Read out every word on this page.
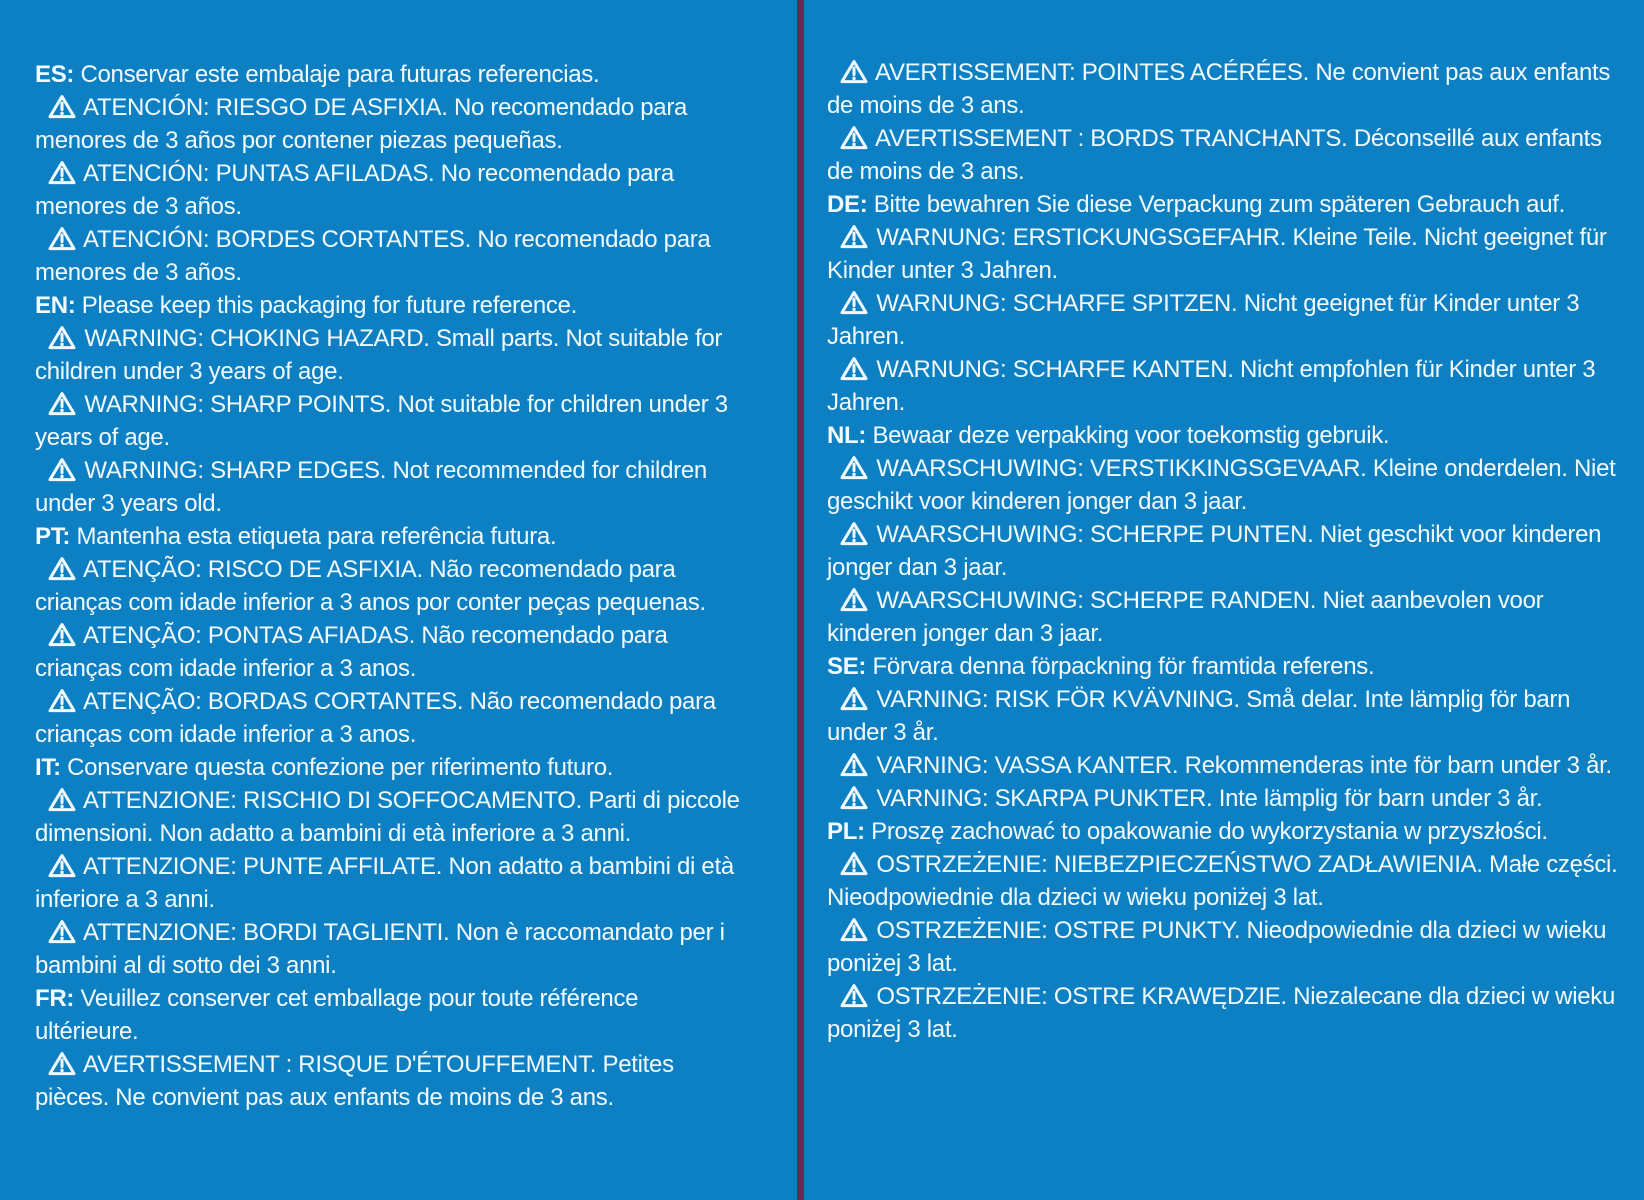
ES: Conservar este embalaje para futuras referencias.

ATENCIÓN: RIESGO DE ASFIXIA. No recomendado para menores de 3 años por contener piezas pequeñas.

ATENCIÓN: PUNTAS AFILADAS. No recomendado para menores de 3 años.

ATENCIÓN: BORDES CORTANTES. No recomendado para menores de 3 años.

EN: Please keep this packaging for future reference.

WARNING: CHOKING HAZARD. Small parts. Not suitable for children under 3 years of age.

WARNING: SHARP POINTS. Not suitable for children under 3 years of age.

WARNING: SHARP EDGES. Not recommended for children under 3 years old.

PT: Mantenha esta etiqueta para referência futura.

ATENÇÃO: RISCO DE ASFIXIA. Não recomendado para crianças com idade inferior a 3 anos por conter peças pequenas.

ATENÇÃO: PONTAS AFIADAS. Não recomendado para crianças com idade inferior a 3 anos.

ATENÇÃO: BORDAS CORTANTES. Não recomendado para crianças com idade inferior a 3 anos.

IT: Conservare questa confezione per riferimento futuro.

ATTENZIONE: RISCHIO DI SOFFOCAMENTO. Parti di piccole dimensioni. Non adatto a bambini di età inferiore a 3 anni.

ATTENZIONE: PUNTE AFFILATE. Non adatto a bambini di età inferiore a 3 anni.

ATTENZIONE: BORDI TAGLIENTI. Non è raccomandato per i bambini al di sotto dei 3 anni.

FR: Veuillez conserver cet emballage pour toute référence ultérieure.

AVERTISSEMENT : RISQUE D'ÉTOUFFEMENT. Petites pièces. Ne convient pas aux enfants de moins de 3 ans.

AVERTISSEMENT: POINTES ACÉRÉES. Ne convient pas aux enfants de moins de 3 ans.

AVERTISSEMENT : BORDS TRANCHANTS. Déconseillé aux enfants de moins de 3 ans.

DE: Bitte bewahren Sie diese Verpackung zum späteren Gebrauch auf.

WARNUNG: ERSTICKUNGSGEFAHR. Kleine Teile. Nicht geeignet für Kinder unter 3 Jahren.

WARNUNG: SCHARFE SPITZEN. Nicht geeignet für Kinder unter 3 Jahren.

WARNUNG: SCHARFE KANTEN. Nicht empfohlen für Kinder unter 3 Jahren.

NL: Bewaar deze verpakking voor toekomstig gebruik.

WAARSCHUWING: VERSTIKKINGSGEVAAR. Kleine onderdelen. Niet geschikt voor kinderen jonger dan 3 jaar.

WAARSCHUWING: SCHERPE PUNTEN. Niet geschikt voor kinderen jonger dan 3 jaar.

WAARSCHUWING: SCHERPE RANDEN. Niet aanbevolen voor kinderen jonger dan 3 jaar.

SE: Förvara denna förpackning för framtida referens.

VARNING: RISK FÖR KVÄVNING. Små delar. Inte lämplig för barn under 3 år.

VARNING: VASSA KANTER. Rekommenderas inte för barn under 3 år.

VARNING: SKARPA PUNKTER. Inte lämplig för barn under 3 år.

PL: Proszę zachować to opakowanie do wykorzystania w przyszłości.

OSTRZEŻENIE: NIEBEZPIECZEŃSTWO ZADŁAWIENIA. Małe części. Nieodpowiednie dla dzieci w wieku poniżej 3 lat.

OSTRZEŻENIE: OSTRE PUNKTY. Nieodpowiednie dla dzieci w wieku poniżej 3 lat.

OSTRZEŻENIE: OSTRE KRAWĘDZIE. Niezalecane dla dzieci w wieku poniżej 3 lat.
